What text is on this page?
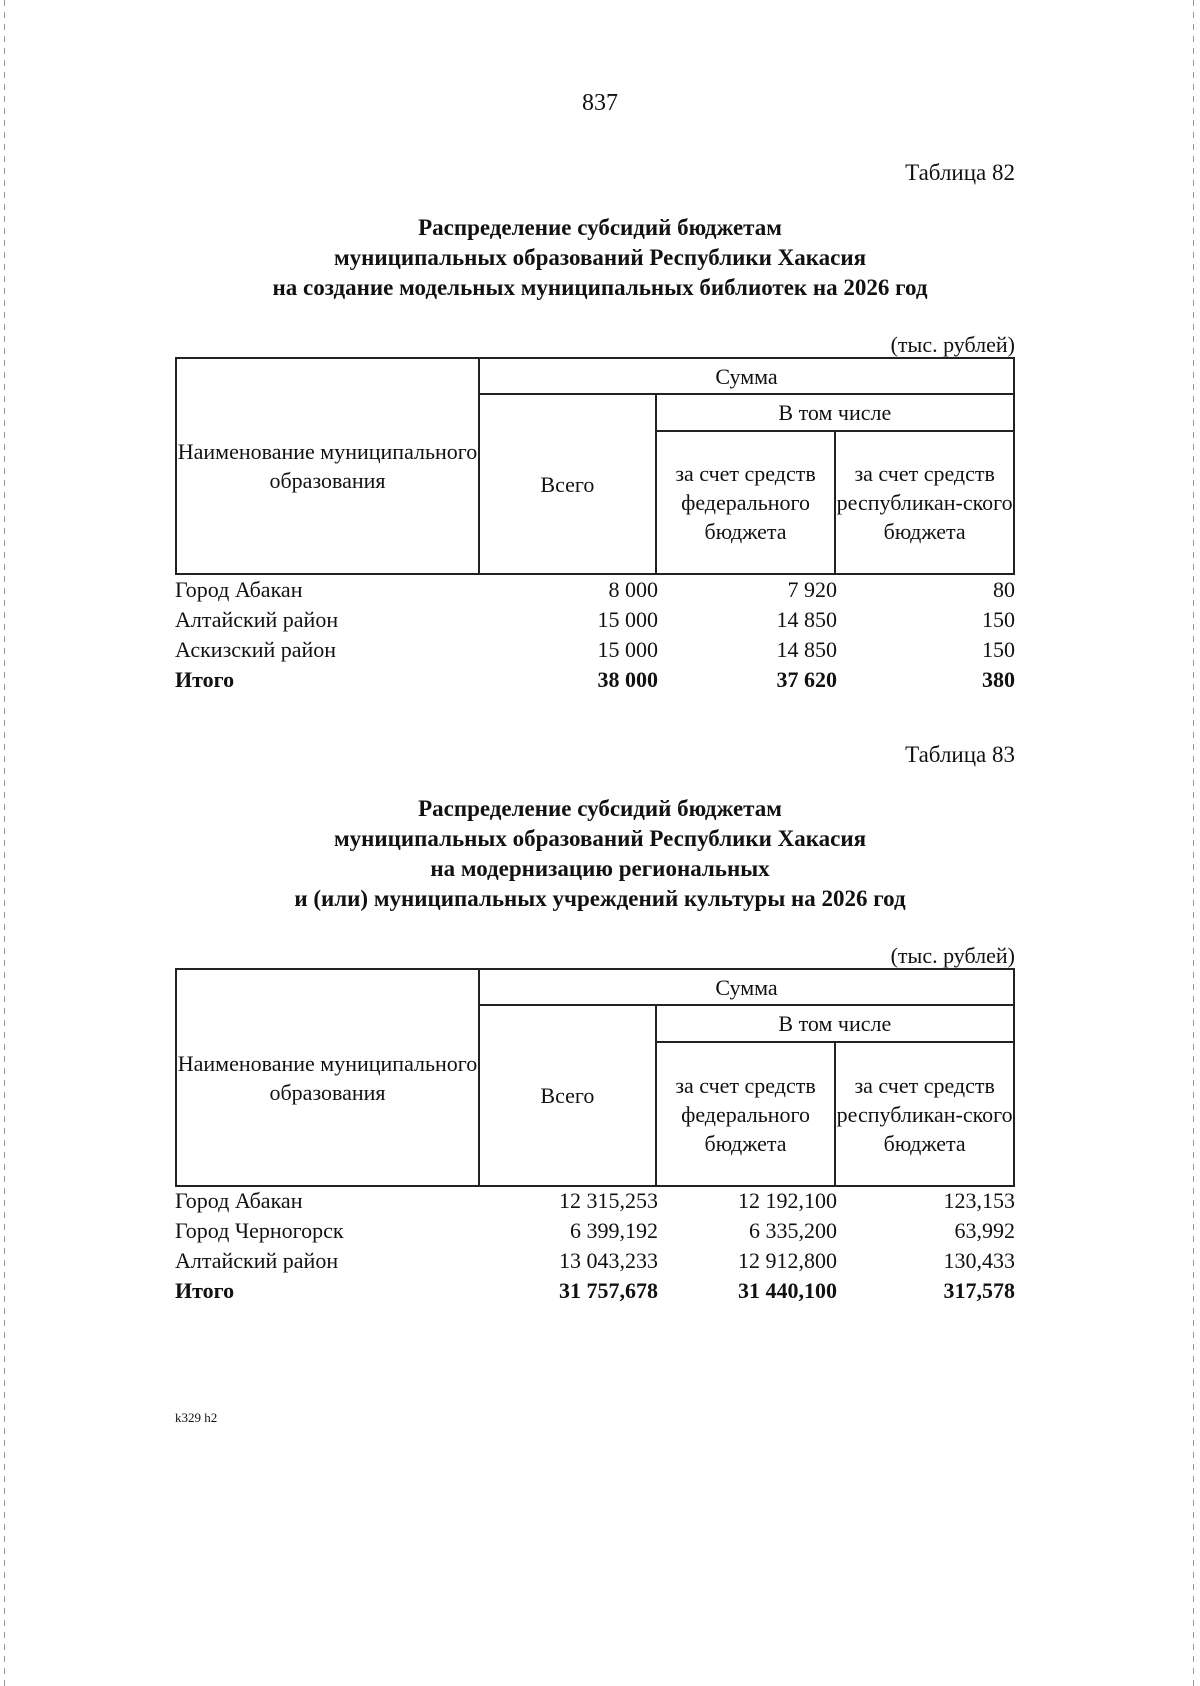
837
Таблица 82
Распределение субсидий бюджетам
муниципальных образований Республики Хакасия
на создание модельных муниципальных библиотек на 2026 год
(тыс. рублей)
Наименование муниципального образования	Сумма		
	Всего	В том числе	
		за счет средств федерального бюджета	за счет средств республикан-ского бюджета
Город Абакан	8 000	7 920	80
Алтайский район	15 000	14 850	150
Аскизский район	15 000	14 850	150
Итого	38 000	37 620	380
Таблица 83
Распределение субсидий бюджетам
муниципальных образований Республики Хакасия
на модернизацию региональных
и (или) муниципальных учреждений культуры на 2026 год
(тыс. рублей)
Наименование муниципального образования	Сумма		
	Всего	В том числе	
		за счет средств федерального бюджета	за счет средств республикан-ского бюджета
Город Абакан	12 315,253	12 192,100	123,153
Город Черногорск	6 399,192	6 335,200	63,992
Алтайский район	13 043,233	12 912,800	130,433
Итого	31 757,678	31 440,100	317,578
k329 h2
